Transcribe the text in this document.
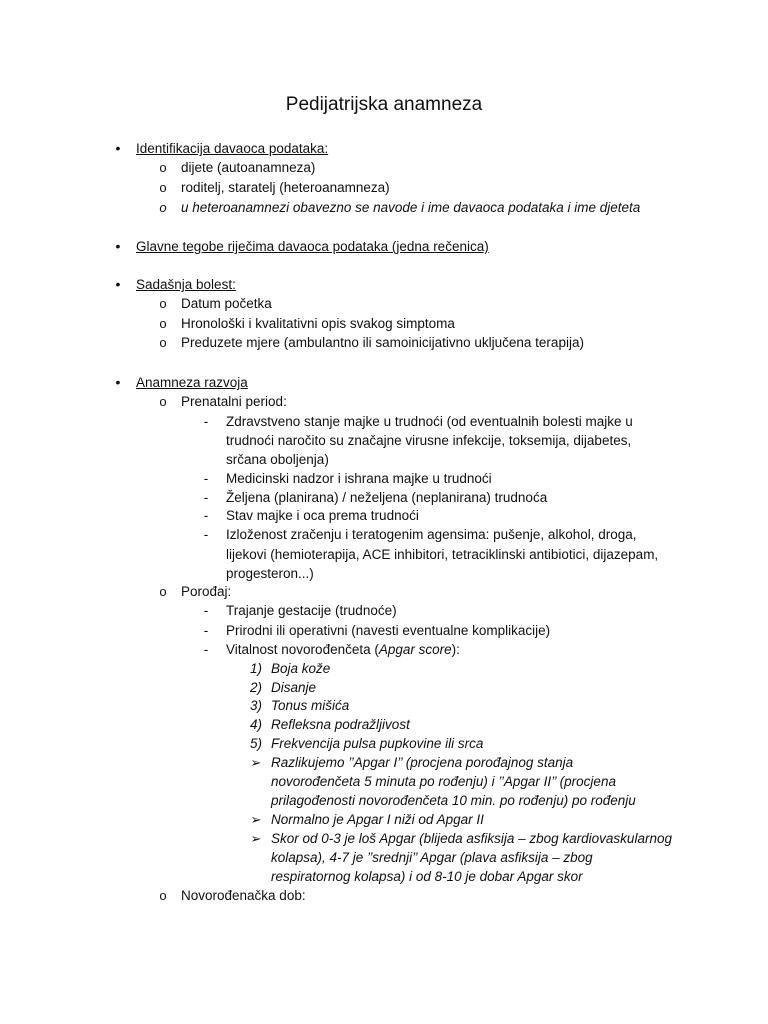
Pedijatrijska anamneza
• Identifikacija davaoca podataka:
o dijete (autoanamneza)
o roditelj, staratelj (heteroanamneza)
o u heteroanamnezi obavezno se navode i ime davaoca podataka i ime djeteta
• Glavne tegobe riječima davaoca podataka (jedna rečenica)
• Sadašnja bolest:
o Datum početka
o Hronološki i kvalitativni opis svakog simptoma
o Preduzete mjere (ambulantno ili samoinicijativno uključena terapija)
• Anamneza razvoja
o Prenatalni period:
- Zdravstveno stanje majke u trudnoći (od eventualnih bolesti majke u
trudnoći naročito su značajne virusne infekcije, toksemija, dijabetes,
srčana oboljenja)
- Medicinski nadzor i ishrana majke u trudnoći
- Željena (planirana) / neželjena (neplanirana) trudnoća
- Stav majke i oca prema trudnoći
- Izloženost zračenju i teratogenim agensima: pušenje, alkohol, droga,
lijekovi (hemioterapija, ACE inhibitori, tetraciklinski antibiotici, dijazepam,
progesteron...)
o Porođaj:
- Trajanje gestacije (trudnoće)
- Prirodni ili operativni (navesti eventualne komplikacije)
- Vitalnost novorođenčeta (Apgar score):
1) Boja kože
2) Disanje
3) Tonus mišića
4) Refleksna podražljivost
5) Frekvencija pulsa pupkovine ili srca
➢ Razlikujemo ’’Apgar I’’ (procjena porođajnog stanja
novorođenčeta 5 minuta po rođenju) i ’’Apgar II’’ (procjena
prilagođenosti novorođenčeta 10 min. po rođenju) po rođenju
➢ Normalno je Apgar I niži od Apgar II
➢ Skor od 0-3 je loš Apgar (blijeda asfiksija – zbog kardiovaskularnog
kolapsa), 4-7 je ’’srednji’’ Apgar (plava asfiksija – zbog
respiratornog kolapsa) i od 8-10 je dobar Apgar skor
o Novorođenačka dob:
